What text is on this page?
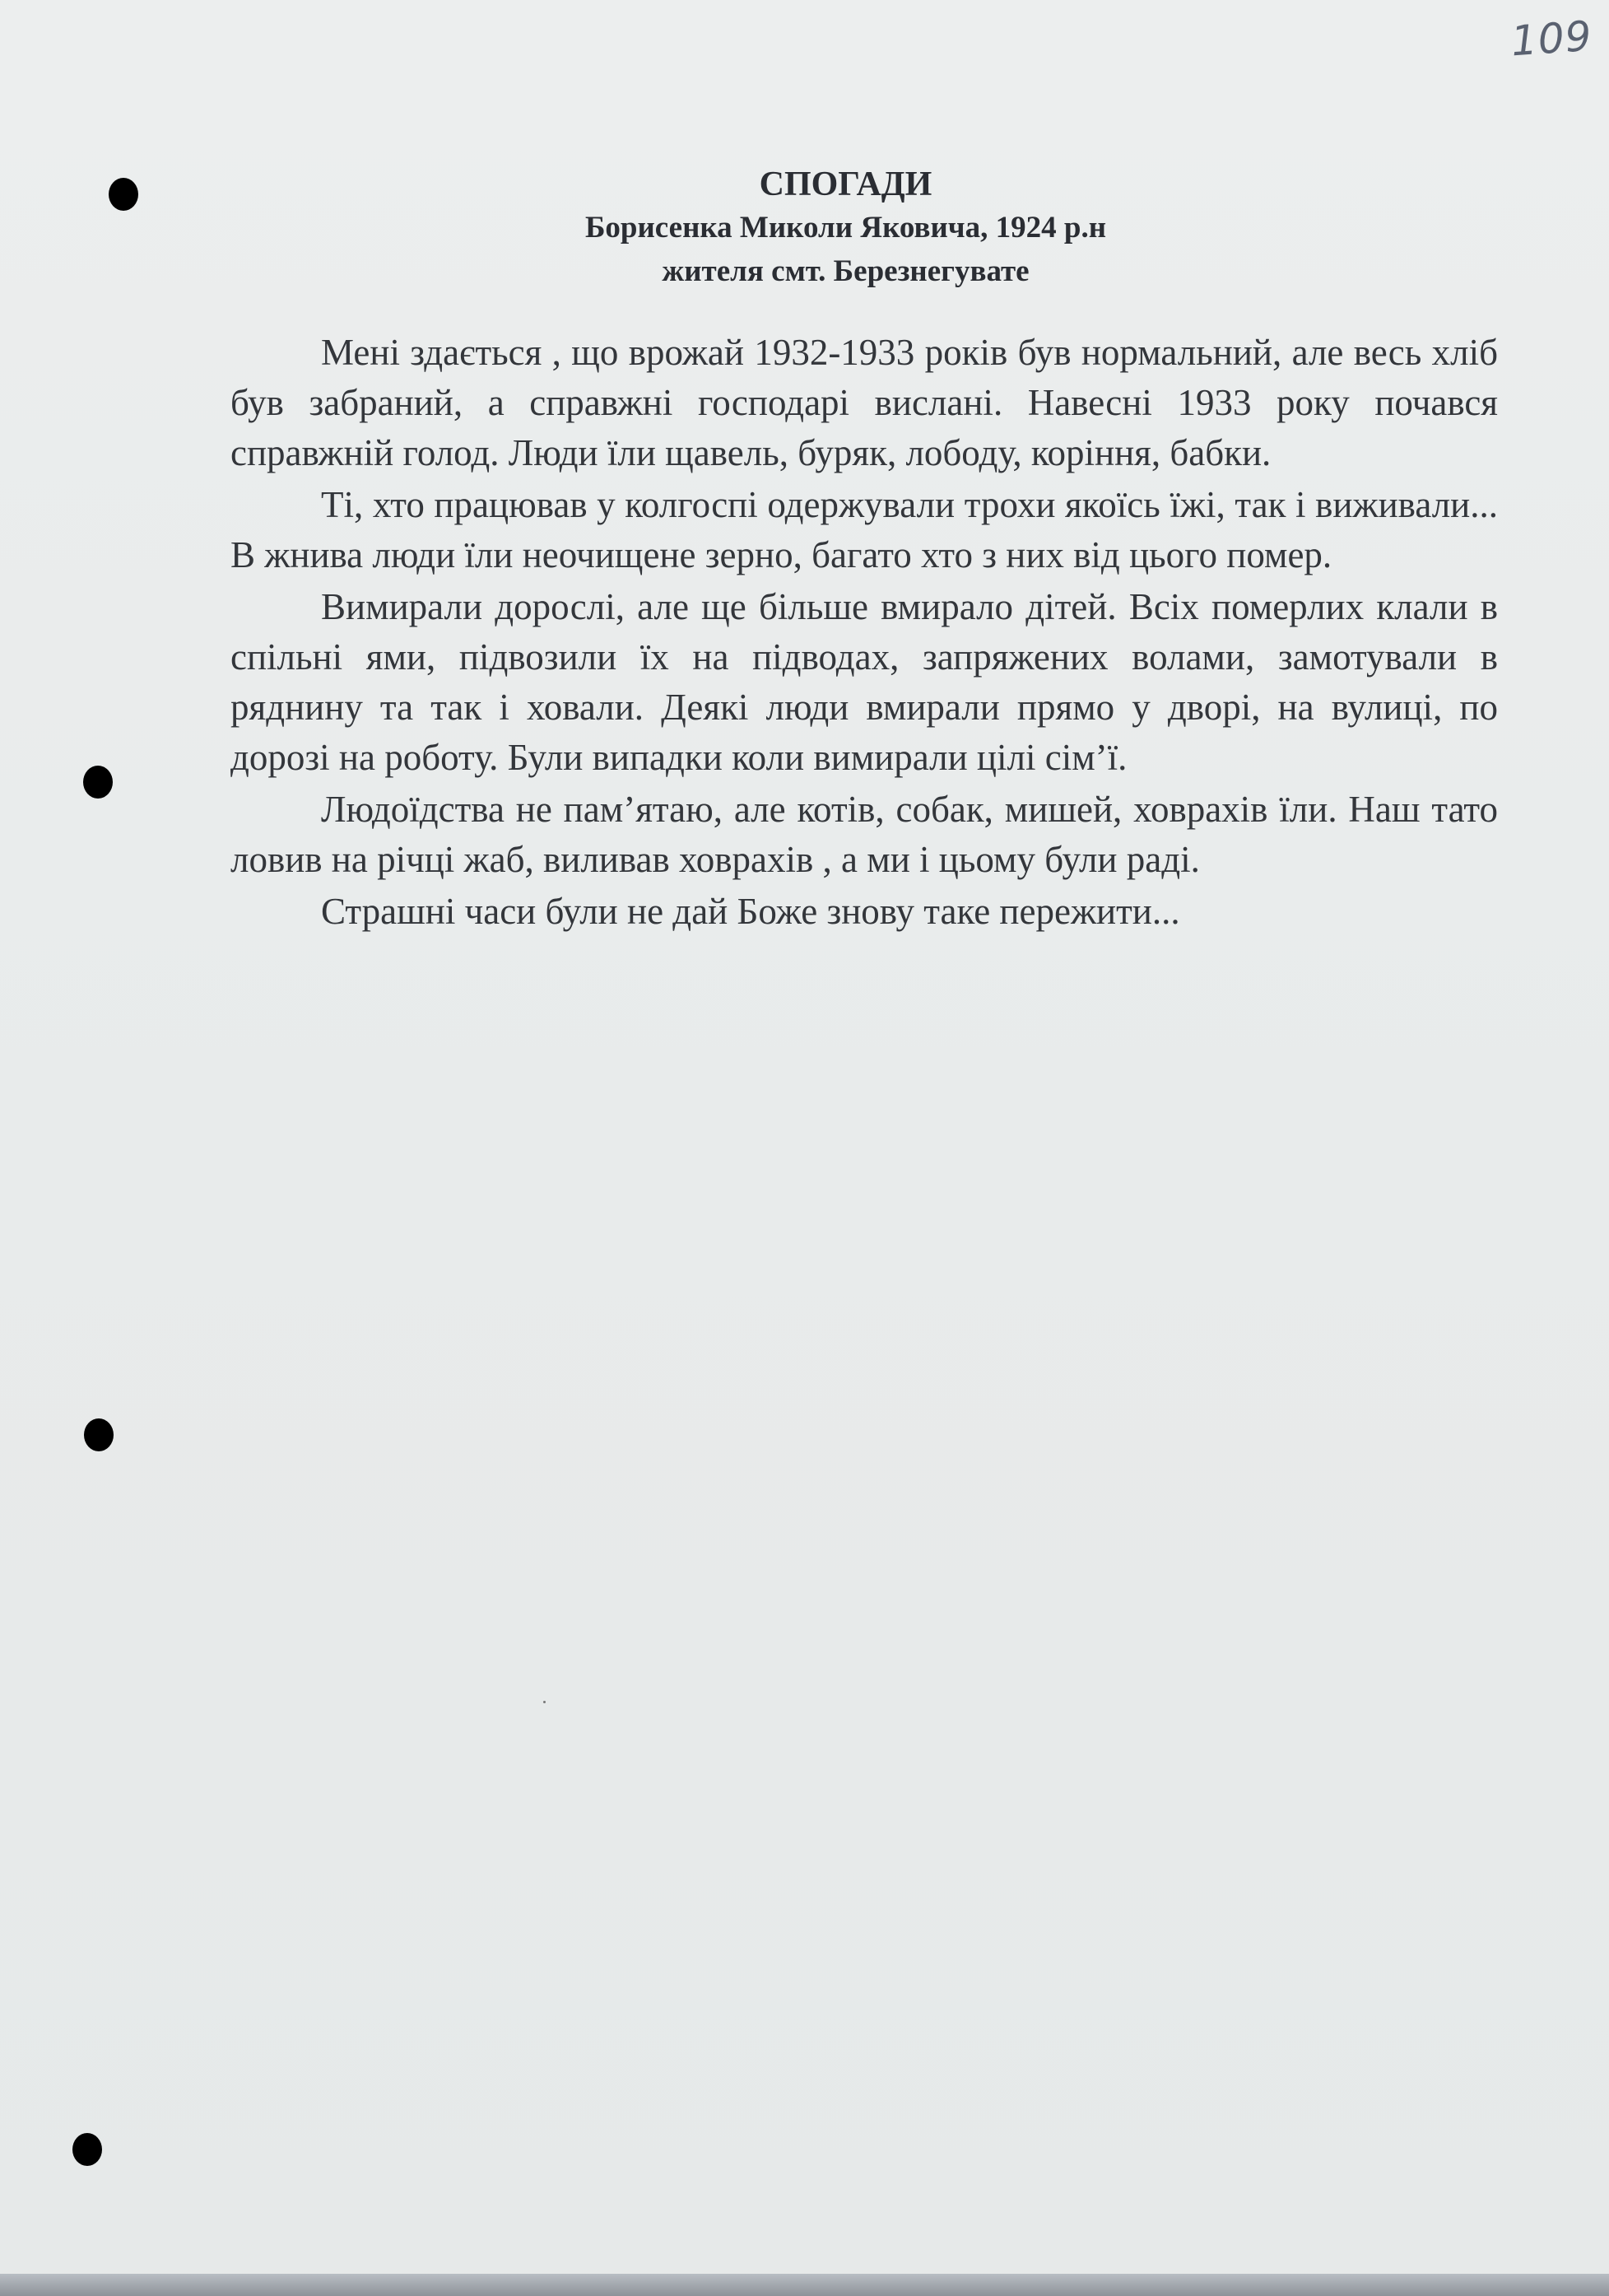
109
СПОГАДИ
Борисенка Миколи Яковича, 1924 р.н
жителя смт. Березнегувате

Мені здається , що врожай 1932-1933 років був нормальний, але весь хліб був забраний, а справжні господарі вислані. Навесні 1933 року почався справжній голод. Люди їли щавель, буряк, лободу, коріння, бабки.

Ті, хто працював у колгоспі одержували трохи якоїсь їжі, так і виживали... В жнива люди їли неочищене зерно, багато хто з них від цього помер.

Вимирали дорослі, але ще більше вмирало дітей. Всіх померлих клали в спільні ями, підвозили їх на підводах, запряжених волами, замотували в ряднину та так і ховали. Деякі люди вмирали прямо у дворі, на вулиці, по дорозі на роботу. Були випадки коли вимирали цілі сім’ї.

Людоїдства не пам’ятаю, але котів, собак, мишей, ховрахів їли. Наш тато ловив на річці жаб, виливав ховрахів , а ми і цьому були раді.

Страшні часи були не дай Боже знову таке пережити...
